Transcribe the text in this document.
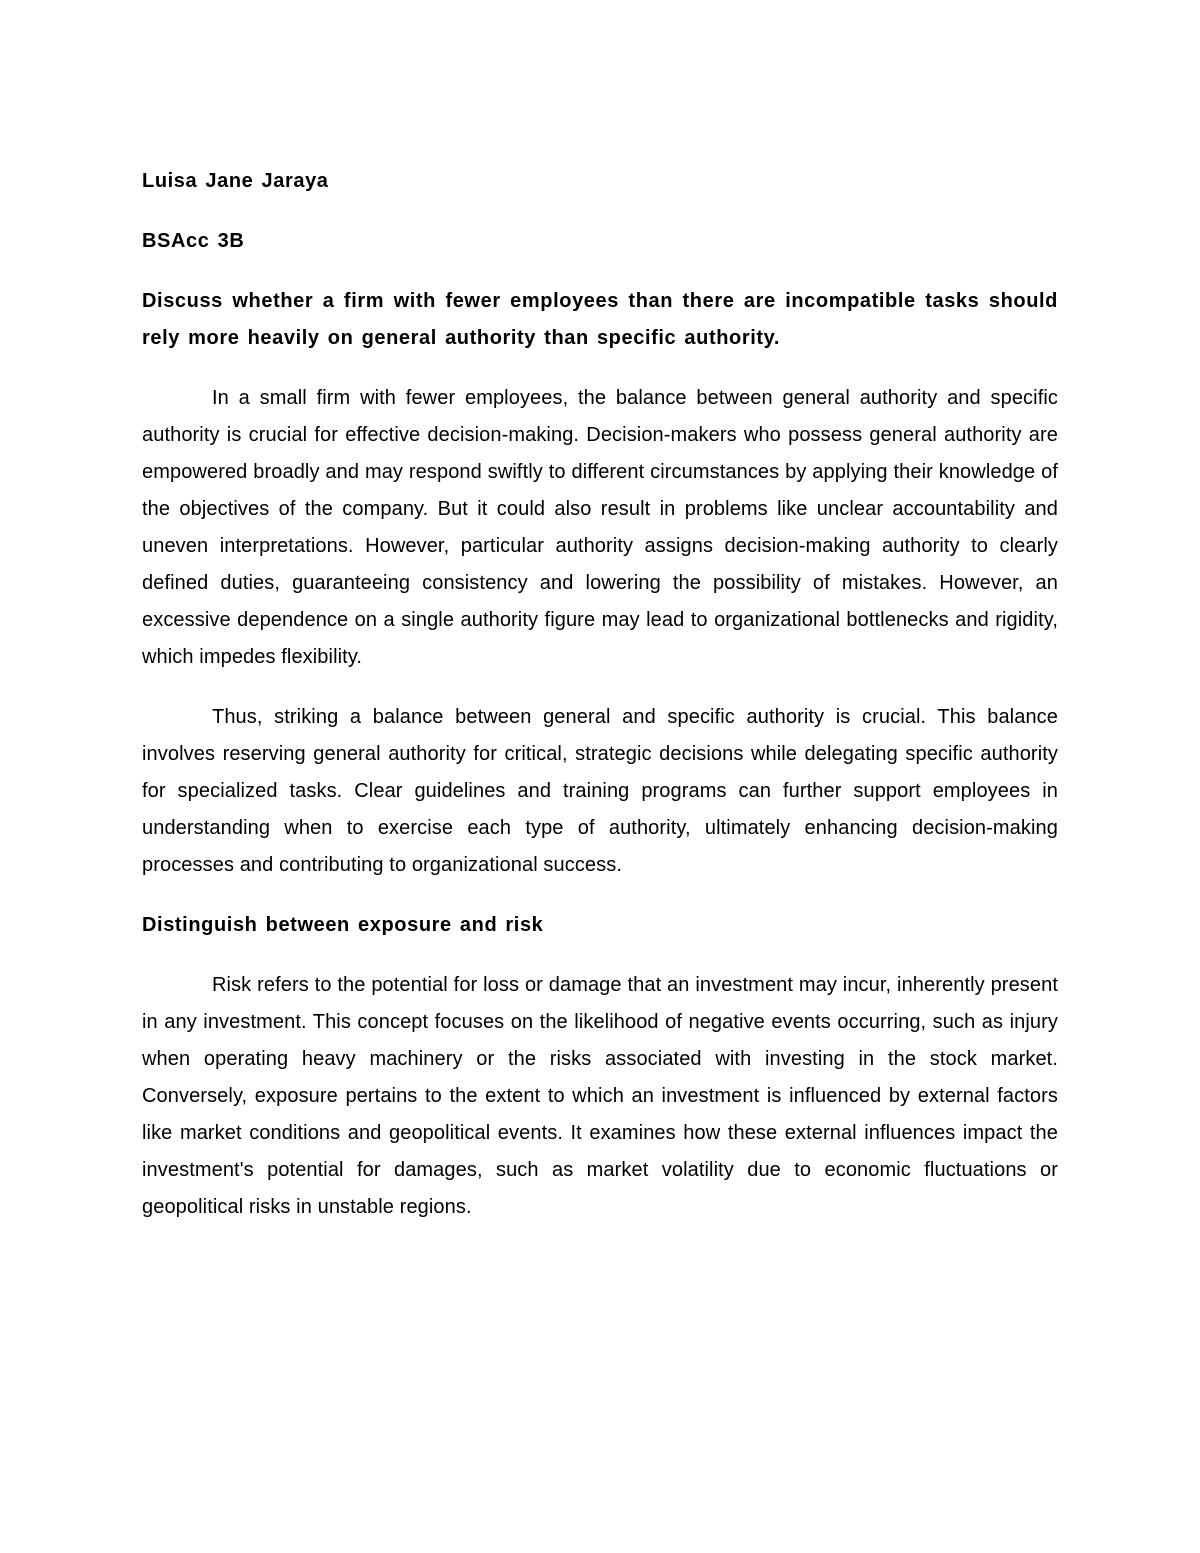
Luisa Jane Jaraya

BSAcc 3B

Discuss whether a firm with fewer employees than there are incompatible tasks should rely more heavily on general authority than specific authority.

In a small firm with fewer employees, the balance between general authority and specific authority is crucial for effective decision-making. Decision-makers who possess general authority are empowered broadly and may respond swiftly to different circumstances by applying their knowledge of the objectives of the company. But it could also result in problems like unclear accountability and uneven interpretations. However, particular authority assigns decision-making authority to clearly defined duties, guaranteeing consistency and lowering the possibility of mistakes. However, an excessive dependence on a single authority figure may lead to organizational bottlenecks and rigidity, which impedes flexibility.

Thus, striking a balance between general and specific authority is crucial. This balance involves reserving general authority for critical, strategic decisions while delegating specific authority for specialized tasks. Clear guidelines and training programs can further support employees in understanding when to exercise each type of authority, ultimately enhancing decision-making processes and contributing to organizational success.

Distinguish between exposure and risk

Risk refers to the potential for loss or damage that an investment may incur, inherently present in any investment. This concept focuses on the likelihood of negative events occurring, such as injury when operating heavy machinery or the risks associated with investing in the stock market. Conversely, exposure pertains to the extent to which an investment is influenced by external factors like market conditions and geopolitical events. It examines how these external influences impact the investment's potential for damages, such as market volatility due to economic fluctuations or geopolitical risks in unstable regions.
